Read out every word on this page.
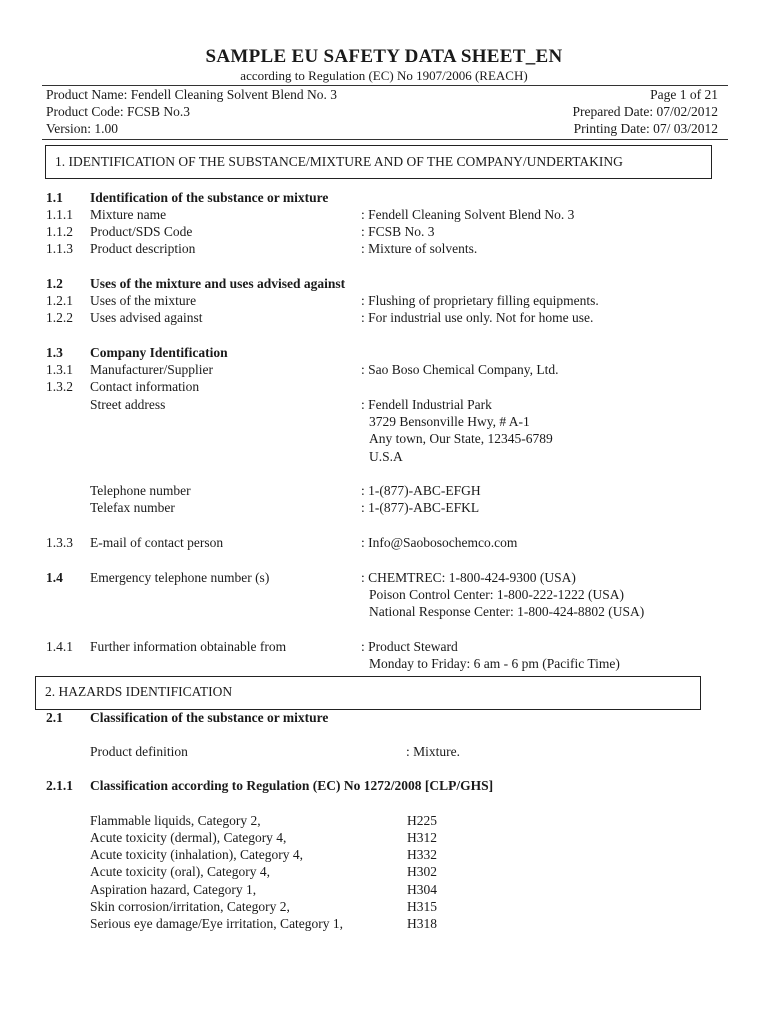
SAMPLE EU SAFETY DATA SHEET_EN
according to Regulation (EC) No 1907/2006 (REACH)
Product Name: Fendell Cleaning Solvent Blend No. 3	Page 1 of 21
Product Code: FCSB No.3	Prepared Date: 07/02/2012
Version: 1.00	Printing Date: 07/ 03/2012
1. IDENTIFICATION OF THE SUBSTANCE/MIXTURE AND OF THE COMPANY/UNDERTAKING
1.1 Identification of the substance or mixture
1.1.1 Mixture name	: Fendell Cleaning Solvent Blend No. 3
1.1.2 Product/SDS Code	: FCSB No. 3
1.1.3 Product description	: Mixture of solvents.
1.2 Uses of the mixture and uses advised against
1.2.1 Uses of the mixture	: Flushing of proprietary filling equipments.
1.2.2 Uses advised against	: For industrial use only. Not for home use.
1.3 Company Identification
1.3.1 Manufacturer/Supplier	: Sao Boso Chemical Company, Ltd.
1.3.2 Contact information
Street address	: Fendell Industrial Park
3729 Bensonville Hwy, # A-1
Any town, Our State, 12345-6789
U.S.A
Telephone number	: 1-(877)-ABC-EFGH
Telefax number	: 1-(877)-ABC-EFKL
1.3.3 E-mail of contact person	: Info@Saobosochemco.com
1.4 Emergency telephone number (s)	: CHEMTREC: 1-800-424-9300 (USA)
Poison Control Center: 1-800-222-1222 (USA)
National Response Center: 1-800-424-8802 (USA)
1.4.1 Further information obtainable from	: Product Steward
Monday to Friday: 6 am - 6 pm (Pacific Time)
2. HAZARDS IDENTIFICATION
2.1 Classification of the substance or mixture
Product definition	: Mixture.
2.1.1 Classification according to Regulation (EC) No 1272/2008 [CLP/GHS]
Flammable liquids, Category 2,	H225
Acute toxicity (dermal), Category 4,	H312
Acute toxicity (inhalation), Category 4,	H332
Acute toxicity (oral), Category 4,	H302
Aspiration hazard, Category 1,	H304
Skin corrosion/irritation, Category 2,	H315
Serious eye damage/Eye irritation, Category 1,	H318
